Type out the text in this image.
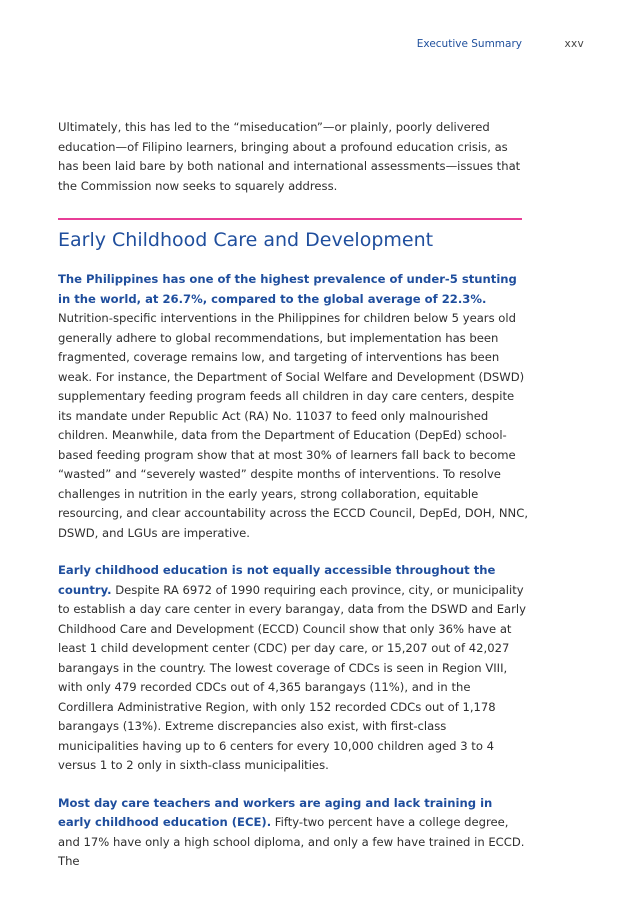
Executive Summary	xxv

Ultimately, this has led to the “miseducation”—or plainly, poorly delivered education—of Filipino learners, bringing about a profound education crisis, as has been laid bare by both national and international assessments—issues that the Commission now seeks to squarely address.

Early Childhood Care and Development

The Philippines has one of the highest prevalence of under-5 stunting in the world, at 26.7%, compared to the global average of 22.3%. Nutrition-specific interventions in the Philippines for children below 5 years old generally adhere to global recommendations, but implementation has been fragmented, coverage remains low, and targeting of interventions has been weak. For instance, the Department of Social Welfare and Development (DSWD) supplementary feeding program feeds all children in day care centers, despite its mandate under Republic Act (RA) No. 11037 to feed only malnourished children. Meanwhile, data from the Department of Education (DepEd) school-based feeding program show that at most 30% of learners fall back to become “wasted” and “severely wasted” despite months of interventions. To resolve challenges in nutrition in the early years, strong collaboration, equitable resourcing, and clear accountability across the ECCD Council, DepEd, DOH, NNC, DSWD, and LGUs are imperative.

Early childhood education is not equally accessible throughout the country. Despite RA 6972 of 1990 requiring each province, city, or municipality to establish a day care center in every barangay, data from the DSWD and Early Childhood Care and Development (ECCD) Council show that only 36% have at least 1 child development center (CDC) per day care, or 15,207 out of 42,027 barangays in the country. The lowest coverage of CDCs is seen in Region VIII, with only 479 recorded CDCs out of 4,365 barangays (11%), and in the Cordillera Administrative Region, with only 152 recorded CDCs out of 1,178 barangays (13%). Extreme discrepancies also exist, with first-class municipalities having up to 6 centers for every 10,000 children aged 3 to 4 versus 1 to 2 only in sixth-class municipalities.

Most day care teachers and workers are aging and lack training in early childhood education (ECE). Fifty-two percent have a college degree, and 17% have only a high school diploma, and only a few have trained in ECCD. The
